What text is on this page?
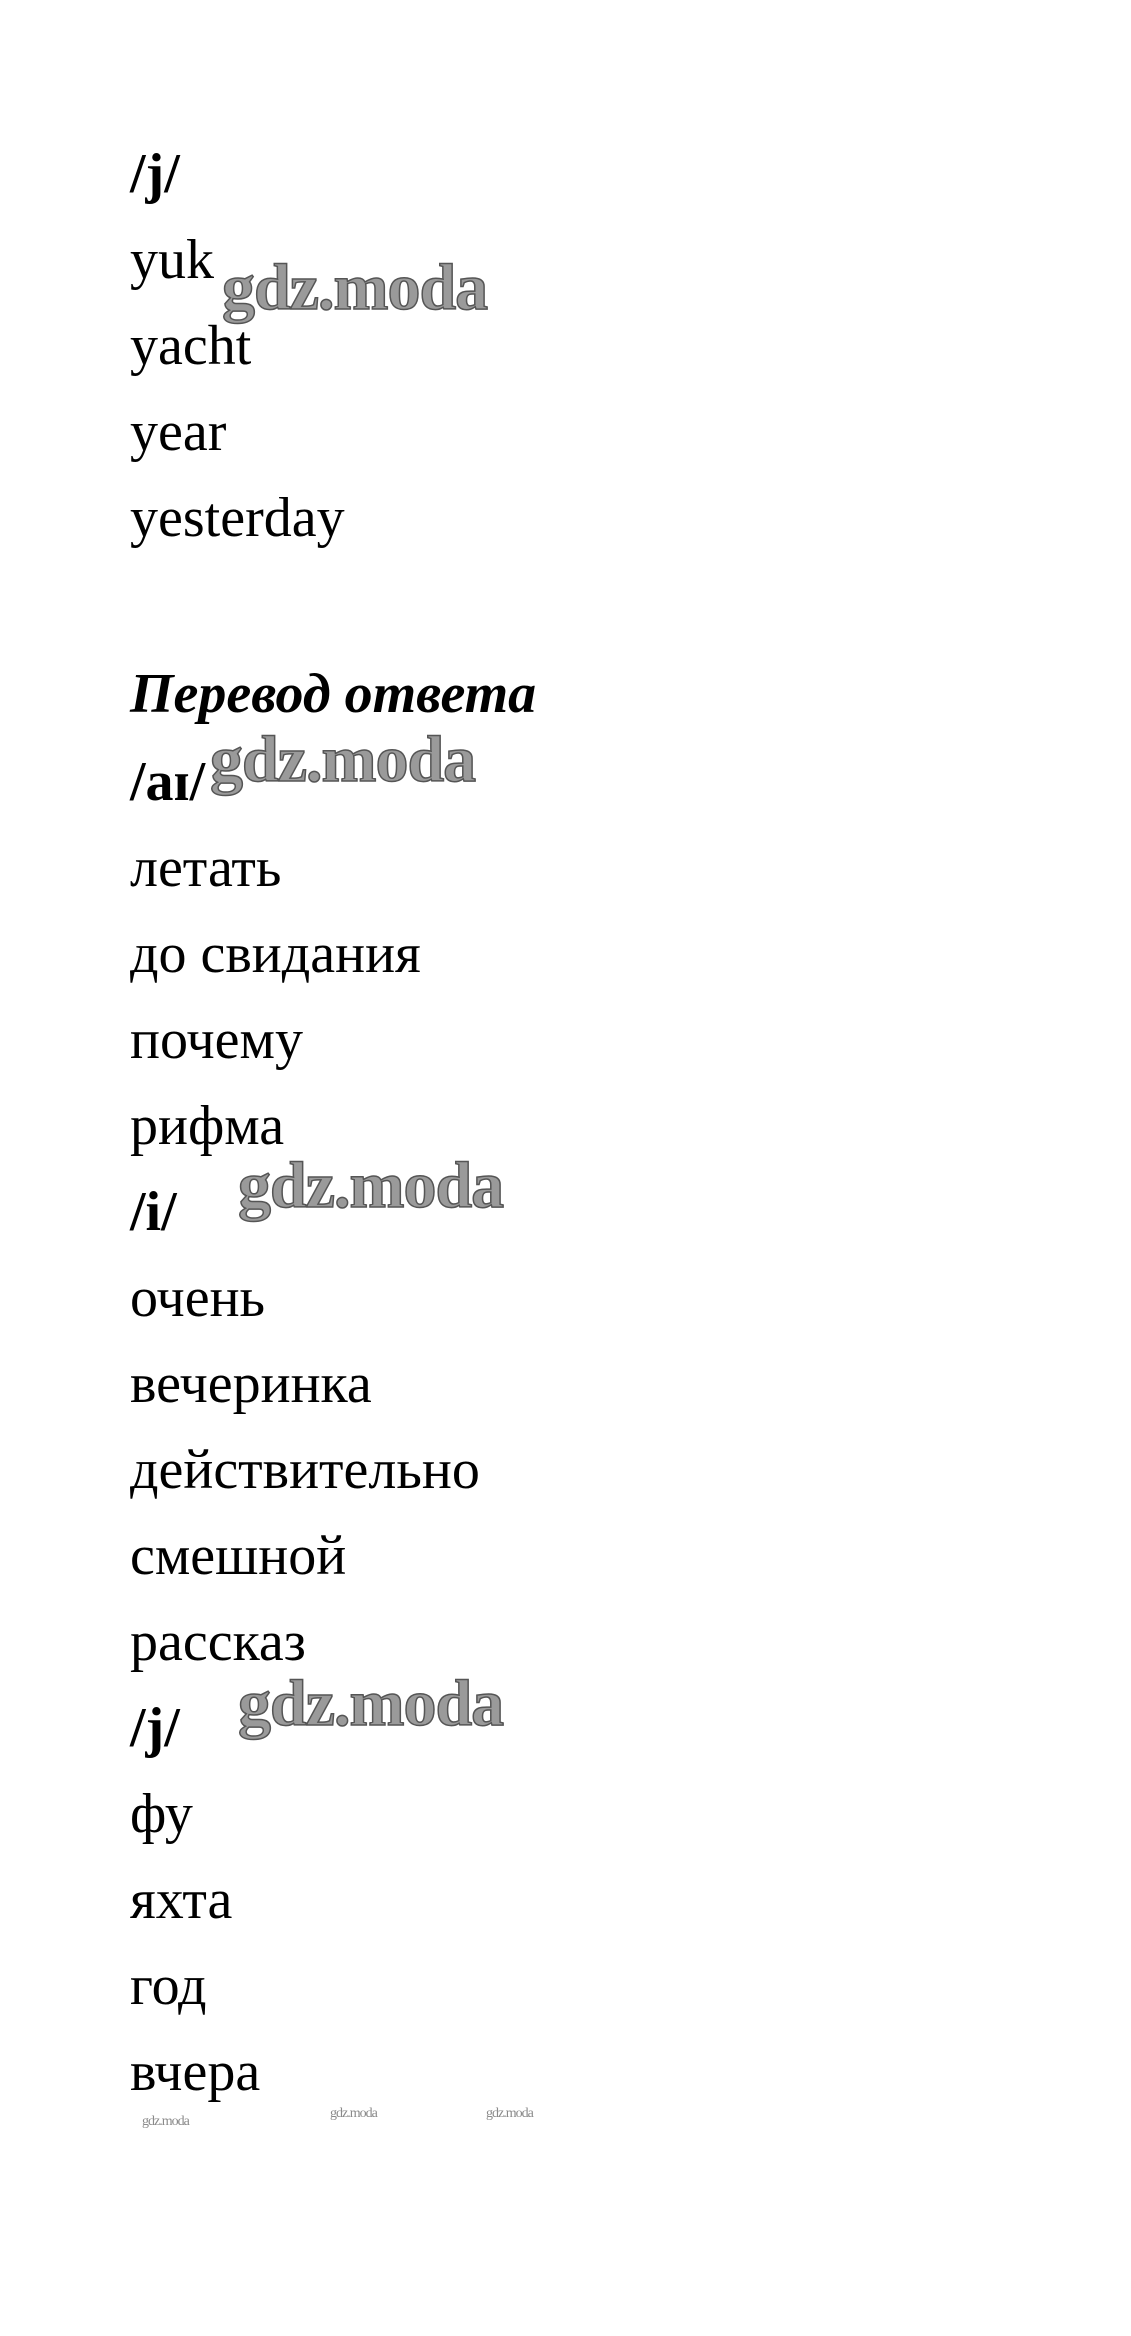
/j/
yuk
yacht
year
yesterday
Перевод ответа
/aɪ/
летать
до свидания
почему
рифма
/i/
очень
вечеринка
действительно
смешной
рассказ
/j/
фу
яхта
год
вчера
gdz.moda
gdz.moda
gdz.moda
gdz.moda
gdz.moda
gdz.moda	gdz.moda
